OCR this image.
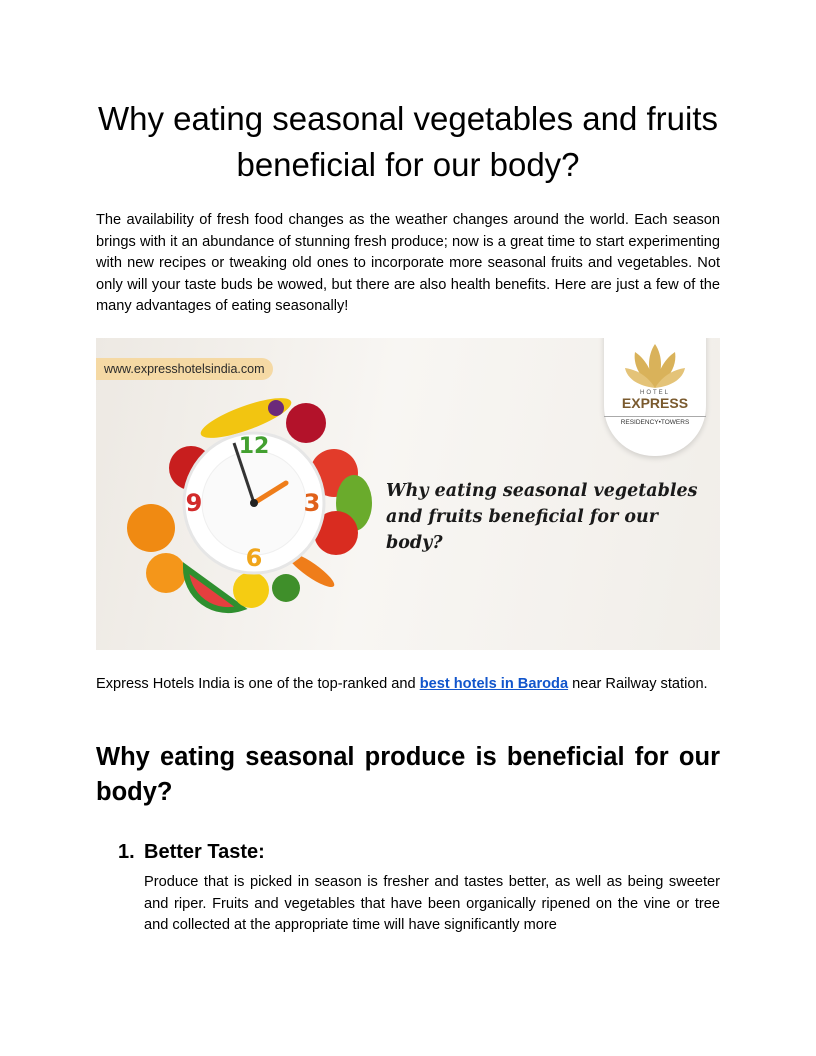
Why eating seasonal vegetables and fruits beneficial for our body?

The availability of fresh food changes as the weather changes around the world. Each season brings with it an abundance of stunning fresh produce; now is a great time to start experimenting with new recipes or tweaking old ones to incorporate more seasonal fruits and vegetables. Not only will your taste buds be wowed, but there are also health benefits. Here are just a few of the many advantages of eating seasonally!

www.expresshotelsindia.com
12
3
6
9
HOTEL
EXPRESS
RESIDENCY•TOWERS
Why eating seasonal vegetables and fruits beneficial for our body?

Express Hotels India is one of the top-ranked and best hotels in Baroda near Railway station.

Why eating seasonal produce is beneficial for our body?
1. Better Taste:

Produce that is picked in season is fresher and tastes better, as well as being sweeter and riper. Fruits and vegetables that have been organically ripened on the vine or tree and collected at the appropriate time will have significantly more
